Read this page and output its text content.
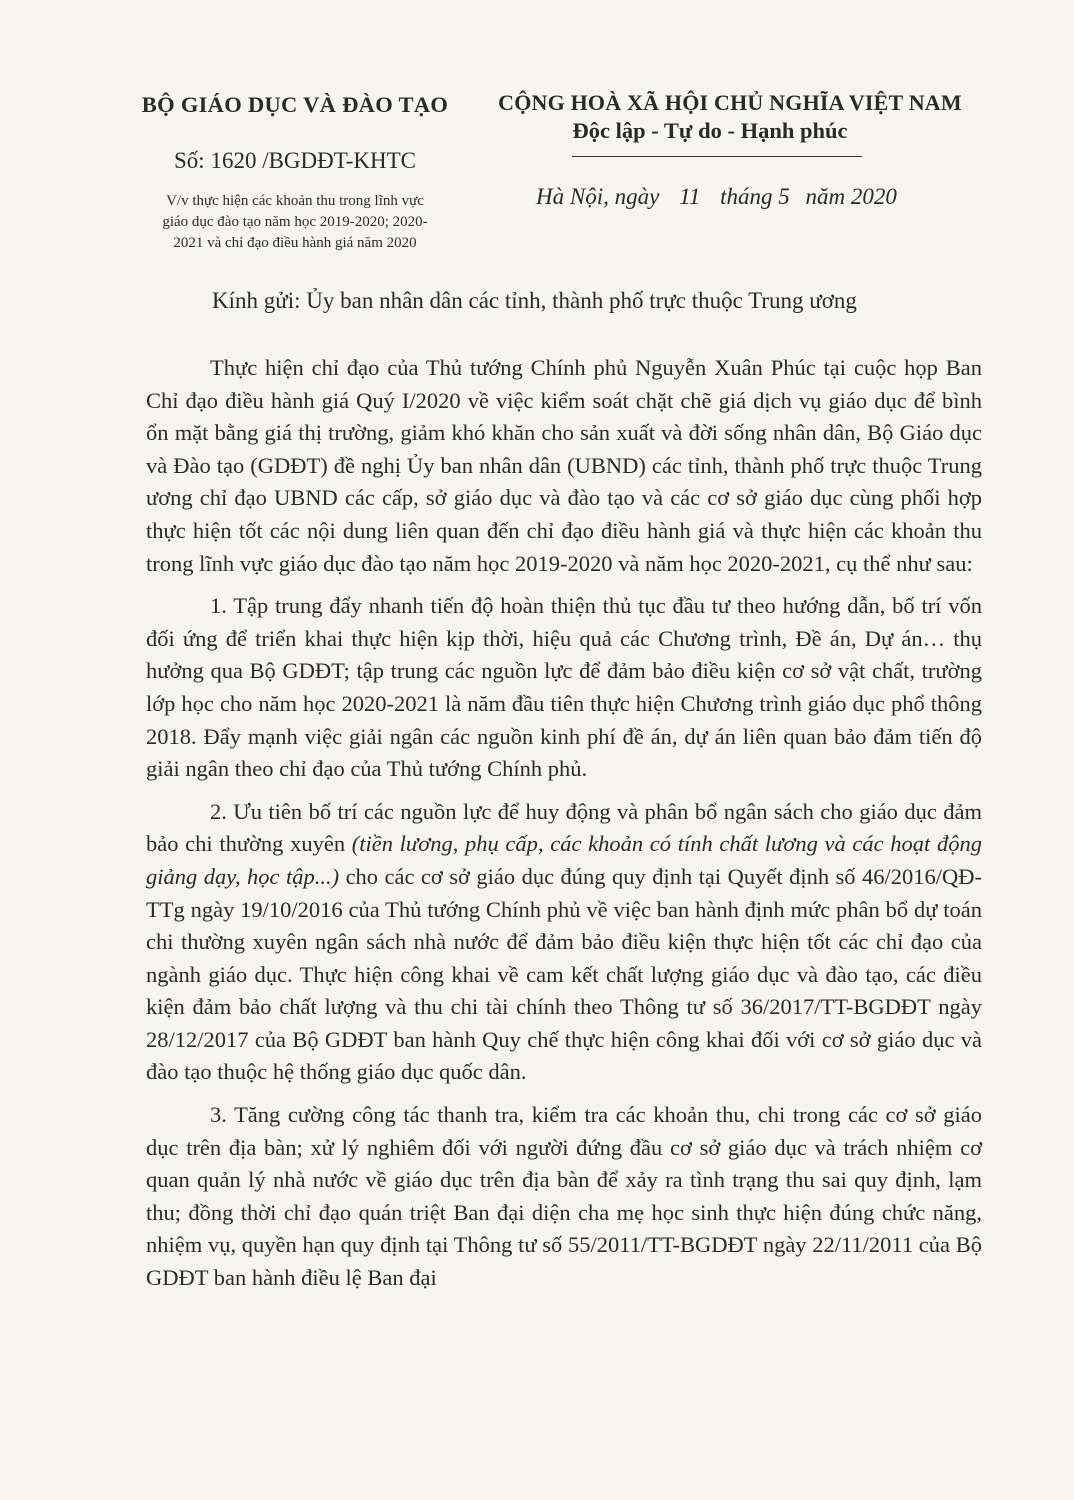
BỘ GIÁO DỤC VÀ ĐÀO TẠO
Số: 1620 /BGDĐT-KHTC
V/v thực hiện các khoản thu trong lĩnh vực
giáo dục đào tạo năm học 2019-2020; 2020-
2021 và chỉ đạo điều hành giá năm 2020
CỘNG HOÀ XÃ HỘI CHỦ NGHĨA VIỆT NAM
Độc lập - Tự do - Hạnh phúc
Hà Nội, ngày 11 tháng 5 năm 2020
Kính gửi: Ủy ban nhân dân các tỉnh, thành phố trực thuộc Trung ương

Thực hiện chỉ đạo của Thủ tướng Chính phủ Nguyễn Xuân Phúc tại cuộc họp Ban Chỉ đạo điều hành giá Quý I/2020 về việc kiểm soát chặt chẽ giá dịch vụ giáo dục để bình ổn mặt bằng giá thị trường, giảm khó khăn cho sản xuất và đời sống nhân dân, Bộ Giáo dục và Đào tạo (GDĐT) đề nghị Ủy ban nhân dân (UBND) các tỉnh, thành phố trực thuộc Trung ương chỉ đạo UBND các cấp, sở giáo dục và đào tạo và các cơ sở giáo dục cùng phối hợp thực hiện tốt các nội dung liên quan đến chỉ đạo điều hành giá và thực hiện các khoản thu trong lĩnh vực giáo dục đào tạo năm học 2019-2020 và năm học 2020-2021, cụ thể như sau:

1. Tập trung đẩy nhanh tiến độ hoàn thiện thủ tục đầu tư theo hướng dẫn, bố trí vốn đối ứng để triển khai thực hiện kịp thời, hiệu quả các Chương trình, Đề án, Dự án… thụ hưởng qua Bộ GDĐT; tập trung các nguồn lực để đảm bảo điều kiện cơ sở vật chất, trường lớp học cho năm học 2020-2021 là năm đầu tiên thực hiện Chương trình giáo dục phổ thông 2018. Đẩy mạnh việc giải ngân các nguồn kinh phí đề án, dự án liên quan bảo đảm tiến độ giải ngân theo chỉ đạo của Thủ tướng Chính phủ.

2. Ưu tiên bố trí các nguồn lực để huy động và phân bổ ngân sách cho giáo dục đảm bảo chi thường xuyên (tiền lương, phụ cấp, các khoản có tính chất lương và các hoạt động giảng dạy, học tập...) cho các cơ sở giáo dục đúng quy định tại Quyết định số 46/2016/QĐ-TTg ngày 19/10/2016 của Thủ tướng Chính phủ về việc ban hành định mức phân bổ dự toán chi thường xuyên ngân sách nhà nước để đảm bảo điều kiện thực hiện tốt các chỉ đạo của ngành giáo dục. Thực hiện công khai về cam kết chất lượng giáo dục và đào tạo, các điều kiện đảm bảo chất lượng và thu chi tài chính theo Thông tư số 36/2017/TT-BGDĐT ngày 28/12/2017 của Bộ GDĐT ban hành Quy chế thực hiện công khai đối với cơ sở giáo dục và đào tạo thuộc hệ thống giáo dục quốc dân.

3. Tăng cường công tác thanh tra, kiểm tra các khoản thu, chi trong các cơ sở giáo dục trên địa bàn; xử lý nghiêm đối với người đứng đầu cơ sở giáo dục và trách nhiệm cơ quan quản lý nhà nước về giáo dục trên địa bàn để xảy ra tình trạng thu sai quy định, lạm thu; đồng thời chỉ đạo quán triệt Ban đại diện cha mẹ học sinh thực hiện đúng chức năng, nhiệm vụ, quyền hạn quy định tại Thông tư số 55/2011/TT-BGDĐT ngày 22/11/2011 của Bộ GDĐT ban hành điều lệ Ban đại
